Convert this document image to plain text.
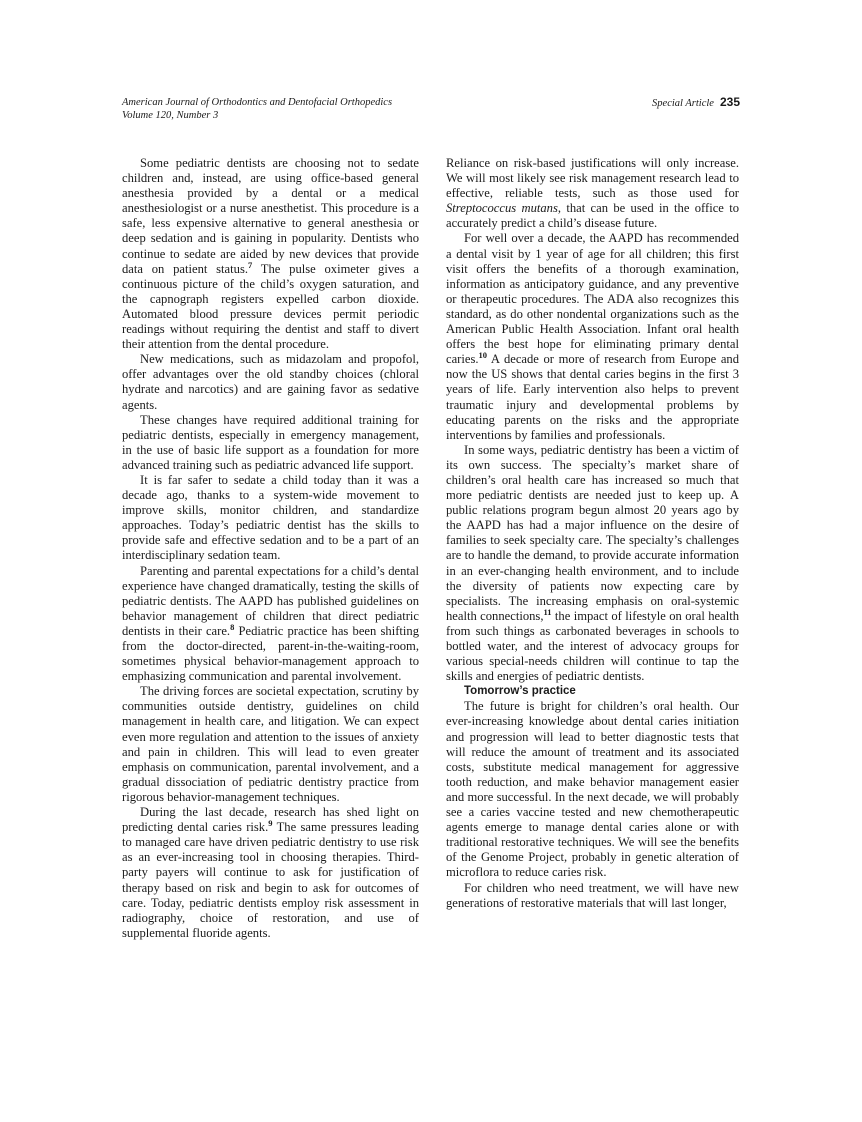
American Journal of Orthodontics and Dentofacial Orthopedics
Volume 120, Number 3
Special Article 235

Some pediatric dentists are choosing not to sedate children and, instead, are using office-based general anesthesia provided by a dental or a medical anesthesiologist or a nurse anesthetist. This procedure is a safe, less expensive alternative to general anesthesia or deep sedation and is gaining in popularity. Dentists who continue to sedate are aided by new devices that provide data on patient status.$^7$ The pulse oximeter gives a continuous picture of the child’s oxygen saturation, and the capnograph registers expelled carbon dioxide. Automated blood pressure devices permit periodic readings without requiring the dentist and staff to divert their attention from the dental procedure.

New medications, such as midazolam and propofol, offer advantages over the old standby choices (chloral hydrate and narcotics) and are gaining favor as sedative agents.

These changes have required additional training for pediatric dentists, especially in emergency management, in the use of basic life support as a foundation for more advanced training such as pediatric advanced life support.

It is far safer to sedate a child today than it was a decade ago, thanks to a system-wide movement to improve skills, monitor children, and standardize approaches. Today’s pediatric dentist has the skills to provide safe and effective sedation and to be a part of an interdisciplinary sedation team.

Parenting and parental expectations for a child’s dental experience have changed dramatically, testing the skills of pediatric dentists. The AAPD has published guidelines on behavior management of children that direct pediatric dentists in their care.$^8$ Pediatric practice has been shifting from the doctor-directed, parent-in-the-waiting-room, sometimes physical behavior-management approach to emphasizing communication and parental involvement.

The driving forces are societal expectation, scrutiny by communities outside dentistry, guidelines on child management in health care, and litigation. We can expect even more regulation and attention to the issues of anxiety and pain in children. This will lead to even greater emphasis on communication, parental involvement, and a gradual dissociation of pediatric dentistry practice from rigorous behavior-management techniques.

During the last decade, research has shed light on predicting dental caries risk.$^9$ The same pressures leading to managed care have driven pediatric dentistry to use risk as an ever-increasing tool in choosing therapies. Third-party payers will continue to ask for justification of therapy based on risk and begin to ask for outcomes of care. Today, pediatric dentists employ risk assessment in radiography, choice of restoration, and use of supplemental fluoride agents.

Reliance on risk-based justifications will only increase. We will most likely see risk management research lead to effective, reliable tests, such as those used for Streptococcus mutans, that can be used in the office to accurately predict a child’s disease future.

For well over a decade, the AAPD has recommended a dental visit by 1 year of age for all children; this first visit offers the benefits of a thorough examination, information as anticipatory guidance, and any preventive or therapeutic procedures. The ADA also recognizes this standard, as do other nondental organizations such as the American Public Health Association. Infant oral health offers the best hope for eliminating primary dental caries.$^{10}$ A decade or more of research from Europe and now the US shows that dental caries begins in the first 3 years of life. Early intervention also helps to prevent traumatic injury and developmental problems by educating parents on the risks and the appropriate interventions by families and professionals.

In some ways, pediatric dentistry has been a victim of its own success. The specialty’s market share of children’s oral health care has increased so much that more pediatric dentists are needed just to keep up. A public relations program begun almost 20 years ago by the AAPD has had a major influence on the desire of families to seek specialty care. The specialty’s challenges are to handle the demand, to provide accurate information in an ever-changing health environment, and to include the diversity of patients now expecting care by specialists. The increasing emphasis on oral-systemic health connections,$^{11}$ the impact of lifestyle on oral health from such things as carbonated beverages in schools to bottled water, and the interest of advocacy groups for various special-needs children will continue to tap the skills and energies of pediatric dentists.

Tomorrow’s practice

The future is bright for children’s oral health. Our ever-increasing knowledge about dental caries initiation and progression will lead to better diagnostic tests that will reduce the amount of treatment and its associated costs, substitute medical management for aggressive tooth reduction, and make behavior management easier and more successful. In the next decade, we will probably see a caries vaccine tested and new chemotherapeutic agents emerge to manage dental caries alone or with traditional restorative techniques. We will see the benefits of the Genome Project, probably in genetic alteration of microflora to reduce caries risk.

For children who need treatment, we will have new generations of restorative materials that will last longer,
